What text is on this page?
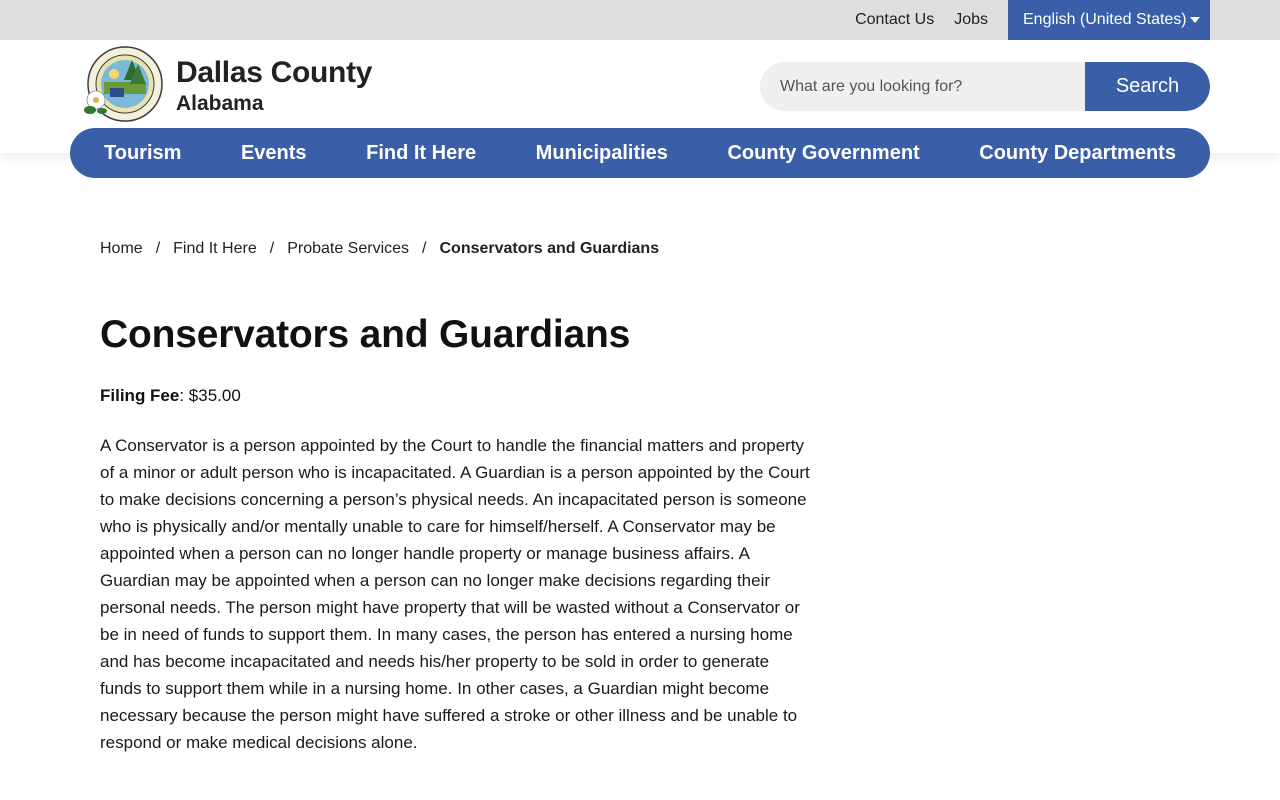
Contact Us Jobs English (United States)
Dallas County
Alabama
What are you looking for?
Search
Tourism	Events	Find It Here	Municipalities	County Government	County Departments
Home / Find It Here / Probate Services / Conservators and Guardians
Conservators and Guardians

Filing Fee: $35.00

A Conservator is a person appointed by the Court to handle the financial matters and property of a minor or adult person who is incapacitated. A Guardian is a person appointed by the Court to make decisions concerning a person’s physical needs. An incapacitated person is someone who is physically and/or mentally unable to care for himself/herself. A Conservator may be appointed when a person can no longer handle property or manage business affairs. A Guardian may be appointed when a person can no longer make decisions regarding their personal needs. The person might have property that will be wasted without a Conservator or be in need of funds to support them. In many cases, the person has entered a nursing home and has become incapacitated and needs his/her property to be sold in order to generate funds to support them while in a nursing home. In other cases, a Guardian might become necessary because the person might have suffered a stroke or other illness and be unable to respond or make medical decisions alone.
